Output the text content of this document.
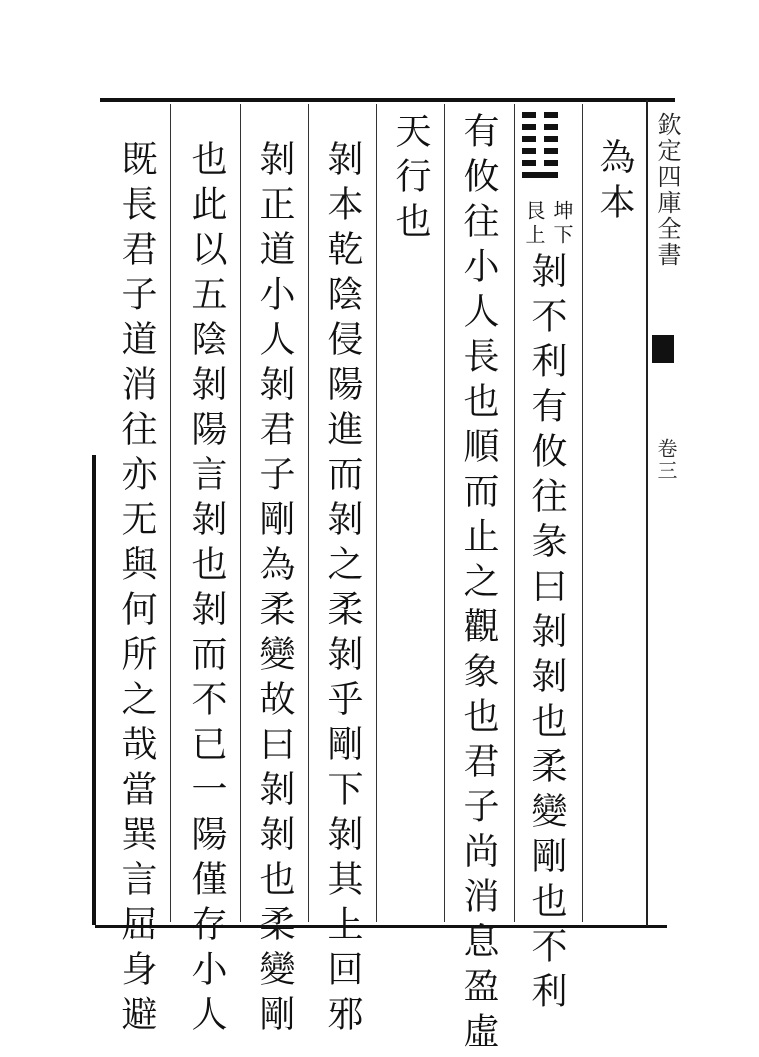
欽定四庫全書
卷三
為本
坤下
艮上
剝不利有攸往彖曰剝剝也柔變剛也不利
有攸往小人長也順而止之觀象也君子尚消息盈虛
天行也
剝本乾陰侵陽進而剝之柔剝乎剛下剝其上回邪
剝正道小人剝君子剛為柔變故曰剝剝也柔變剛
也此以五陰剝陽言剝也剝而不已一陽僅存小人
既長君子道消往亦无與何所之哉當巽言屈身避
